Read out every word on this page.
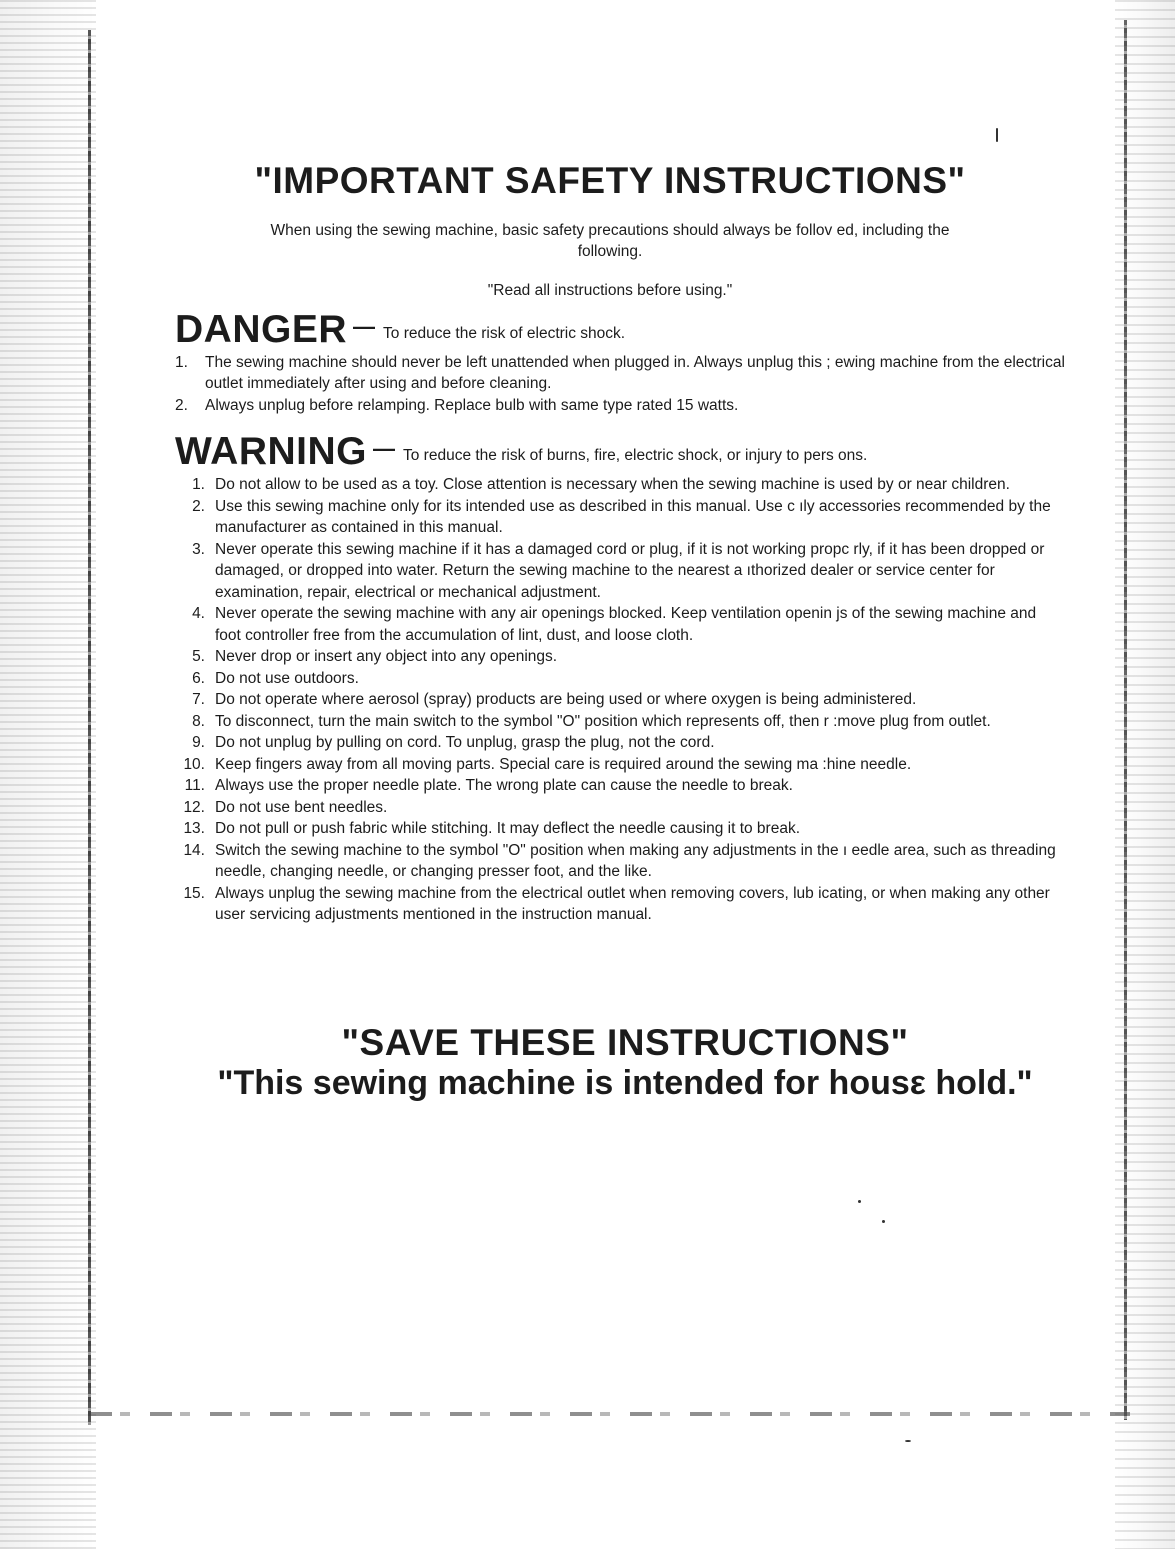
"IMPORTANT SAFETY INSTRUCTIONS"
When using the sewing machine, basic safety precautions should always be follov ed, including the following.
"Read all instructions before using."
DANGER — To reduce the risk of electric shock.
1. The sewing machine should never be left unattended when plugged in. Always unplug this ; ewing machine from the electrical outlet immediately after using and before cleaning.
2. Always unplug before relamping. Replace bulb with same type rated 15 watts.
WARNING — To reduce the risk of burns, fire, electric shock, or injury to pers ons.
1. Do not allow to be used as a toy. Close attention is necessary when the sewing machine is used by or near children.
2. Use this sewing machine only for its intended use as described in this manual. Use c ıly accessories recommended by the manufacturer as contained in this manual.
3. Never operate this sewing machine if it has a damaged cord or plug, if it is not working propc rly, if it has been dropped or damaged, or dropped into water. Return the sewing machine to the nearest a ıthorized dealer or service center for examination, repair, electrical or mechanical adjustment.
4. Never operate the sewing machine with any air openings blocked. Keep ventilation openin js of the sewing machine and foot controller free from the accumulation of lint, dust, and loose cloth.
5. Never drop or insert any object into any openings.
6. Do not use outdoors.
7. Do not operate where aerosol (spray) products are being used or where oxygen is being administered.
8. To disconnect, turn the main switch to the symbol "O" position which represents off, then r :move plug from outlet.
9. Do not unplug by pulling on cord. To unplug, grasp the plug, not the cord.
10. Keep fingers away from all moving parts. Special care is required around the sewing ma :hine needle.
11. Always use the proper needle plate. The wrong plate can cause the needle to break.
12. Do not use bent needles.
13. Do not pull or push fabric while stitching. It may deflect the needle causing it to break.
14. Switch the sewing machine to the symbol "O" position when making any adjustments in the ı eedle area, such as threading needle, changing needle, or changing presser foot, and the like.
15. Always unplug the sewing machine from the electrical outlet when removing covers, lub icating, or when making any other user servicing adjustments mentioned in the instruction manual.
"SAVE THESE INSTRUCTIONS"
"This sewing machine is intended for housε hold."
